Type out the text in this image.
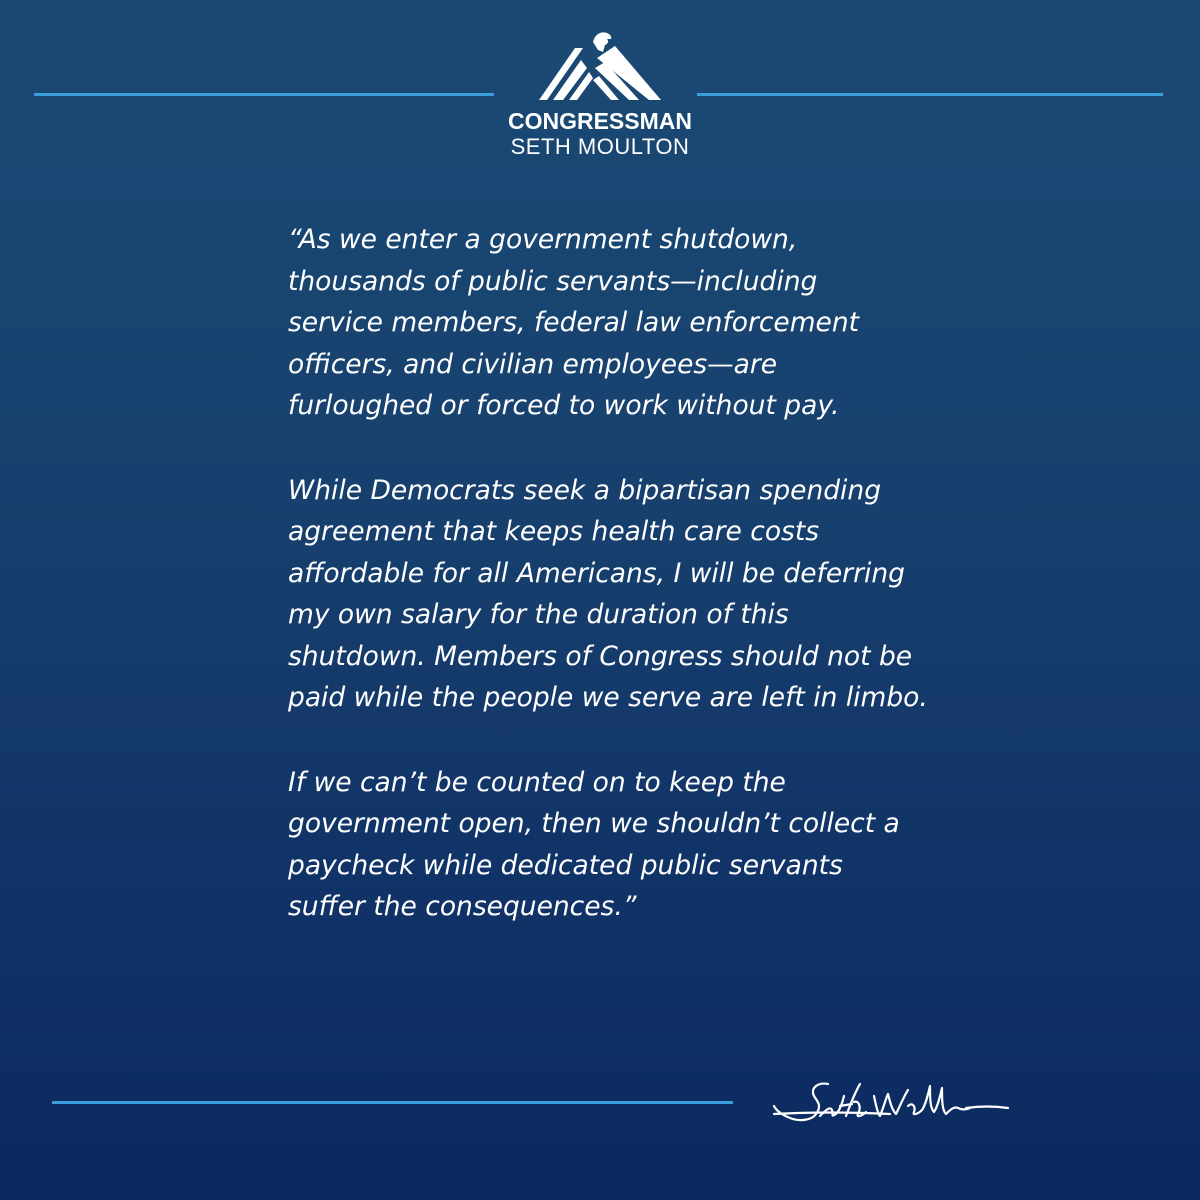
CONGRESSMAN
SETH MOULTON

“As we enter a government shutdown,
thousands of public servants—including
service members, federal law enforcement
officers, and civilian employees—are
furloughed or forced to work without pay.

While Democrats seek a bipartisan spending
agreement that keeps health care costs
affordable for all Americans, I will be deferring
my own salary for the duration of this
shutdown. Members of Congress should not be
paid while the people we serve are left in limbo.

If we can’t be counted on to keep the
government open, then we shouldn’t collect a
paycheck while dedicated public servants
suffer the consequences.”
